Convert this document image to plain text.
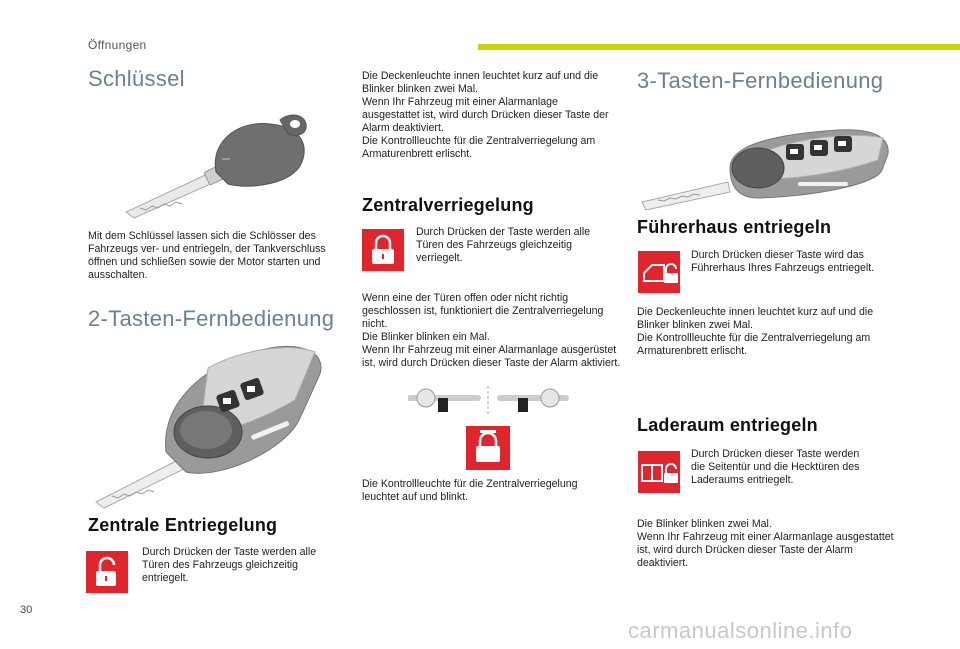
Öffnungen
Schlüssel

Mit dem Schlüssel lassen sich die Schlösser des Fahrzeugs ver- und entriegeln, der Tankverschluss öffnen und schließen sowie der Motor starten und ausschalten.

2-Tasten-Fernbedienung
Zentrale Entriegelung

Durch Drücken der Taste werden alle Türen des Fahrzeugs gleichzeitig entriegelt.

Die Deckenleuchte innen leuchtet kurz auf und die Blinker blinken zwei Mal.
Wenn Ihr Fahrzeug mit einer Alarmanlage ausgestattet ist, wird durch Drücken dieser Taste der Alarm deaktiviert.
Die Kontrollleuchte für die Zentralverriegelung am Armaturenbrett erlischt.

Zentralverriegelung

Durch Drücken der Taste werden alle Türen des Fahrzeugs gleichzeitig verriegelt.

Wenn eine der Türen offen oder nicht richtig geschlossen ist, funktioniert die Zentralverriegelung nicht.
Die Blinker blinken ein Mal.
Wenn Ihr Fahrzeug mit einer Alarmanlage ausgerüstet ist, wird durch Drücken dieser Taste der Alarm aktiviert.

Die Kontrollleuchte für die Zentralverriegelung leuchtet auf und blinkt.

3-Tasten-Fernbedienung
Führerhaus entriegeln

Durch Drücken dieser Taste wird das Führerhaus Ihres Fahrzeugs entriegelt.

Die Deckenleuchte innen leuchtet kurz auf und die Blinker blinken zwei Mal.
Die Kontrollleuchte für die Zentralverriegelung am Armaturenbrett erlischt.

Laderaum entriegeln

Durch Drücken dieser Taste werden die Seitentür und die Hecktüren des Laderaums entriegelt.

Die Blinker blinken zwei Mal.
Wenn Ihr Fahrzeug mit einer Alarmanlage ausgestattet ist, wird durch Drücken dieser Taste der Alarm deaktiviert.

30
carmanualsonline.info
